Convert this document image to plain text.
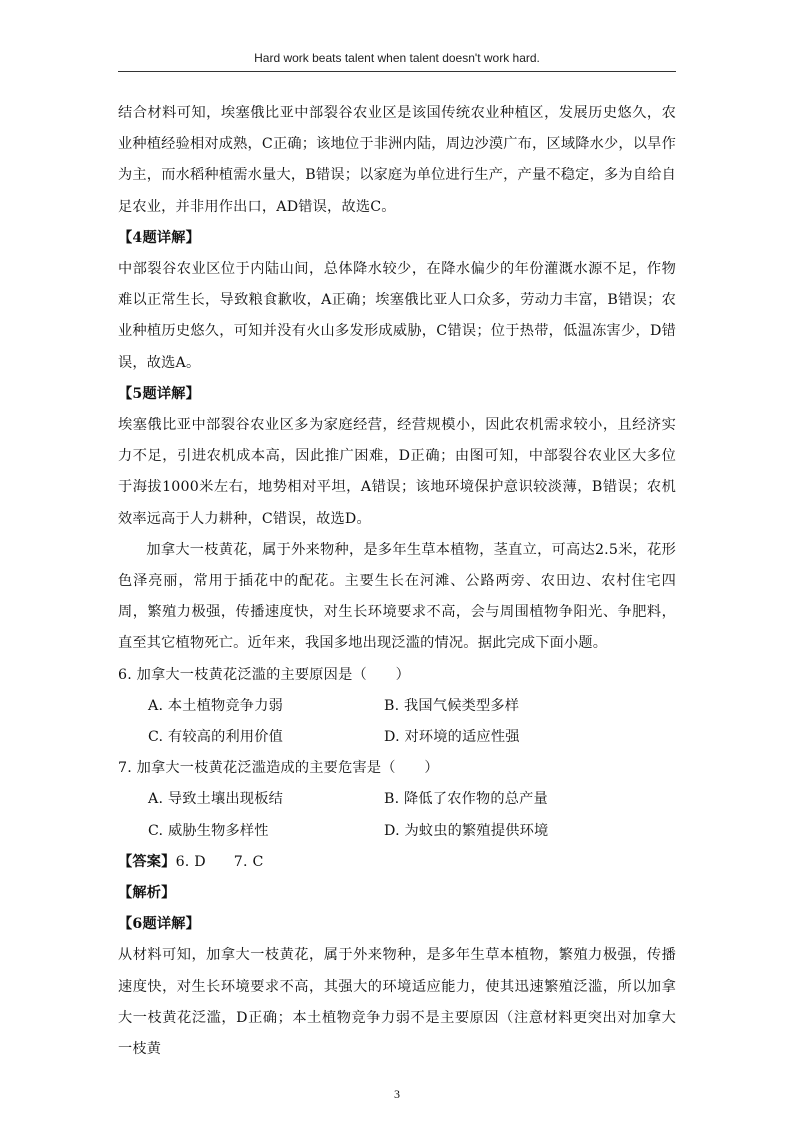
Hard work beats talent when talent doesn't work hard.

结合材料可知，埃塞俄比亚中部裂谷农业区是该国传统农业种植区，发展历史悠久，农业种植经验相对成熟，C正确；该地位于非洲内陆，周边沙漠广布，区域降水少，以旱作为主，而水稻种植需水量大，B错误；以家庭为单位进行生产，产量不稳定，多为自给自足农业，并非用作出口，AD错误，故选C。

【4题详解】

中部裂谷农业区位于内陆山间，总体降水较少，在降水偏少的年份灌溉水源不足，作物难以正常生长，导致粮食歉收，A正确；埃塞俄比亚人口众多，劳动力丰富，B错误；农业种植历史悠久，可知并没有火山多发形成威胁，C错误；位于热带，低温冻害少，D错误，故选A。

【5题详解】

埃塞俄比亚中部裂谷农业区多为家庭经营，经营规模小，因此农机需求较小，且经济实力不足，引进农机成本高，因此推广困难，D正确；由图可知，中部裂谷农业区大多位于海拔1000米左右，地势相对平坦，A错误；该地环境保护意识较淡薄，B错误；农机效率远高于人力耕种，C错误，故选D。

加拿大一枝黄花，属于外来物种，是多年生草本植物，茎直立，可高达2.5米，花形色泽亮丽，常用于插花中的配花。主要生长在河滩、公路两旁、农田边、农村住宅四周，繁殖力极强，传播速度快，对生长环境要求不高，会与周围植物争阳光、争肥料，直至其它植物死亡。近年来，我国多地出现泛滥的情况。据此完成下面小题。

6. 加拿大一枝黄花泛滥的主要原因是（　　）

A. 本土植物竞争力弱	B. 我国气候类型多样
C. 有较高的利用价值	D. 对环境的适应性强

7. 加拿大一枝黄花泛滥造成的主要危害是（　　）

A. 导致土壤出现板结	B. 降低了农作物的总产量
C. 威胁生物多样性	D. 为蚊虫的繁殖提供环境

【答案】6. D 7. C

【解析】

【6题详解】

从材料可知，加拿大一枝黄花，属于外来物种，是多年生草本植物，繁殖力极强，传播速度快，对生长环境要求不高，其强大的环境适应能力，使其迅速繁殖泛滥，所以加拿大一枝黄花泛滥，D正确；本土植物竞争力弱不是主要原因（注意材料更突出对加拿大一枝黄

3
